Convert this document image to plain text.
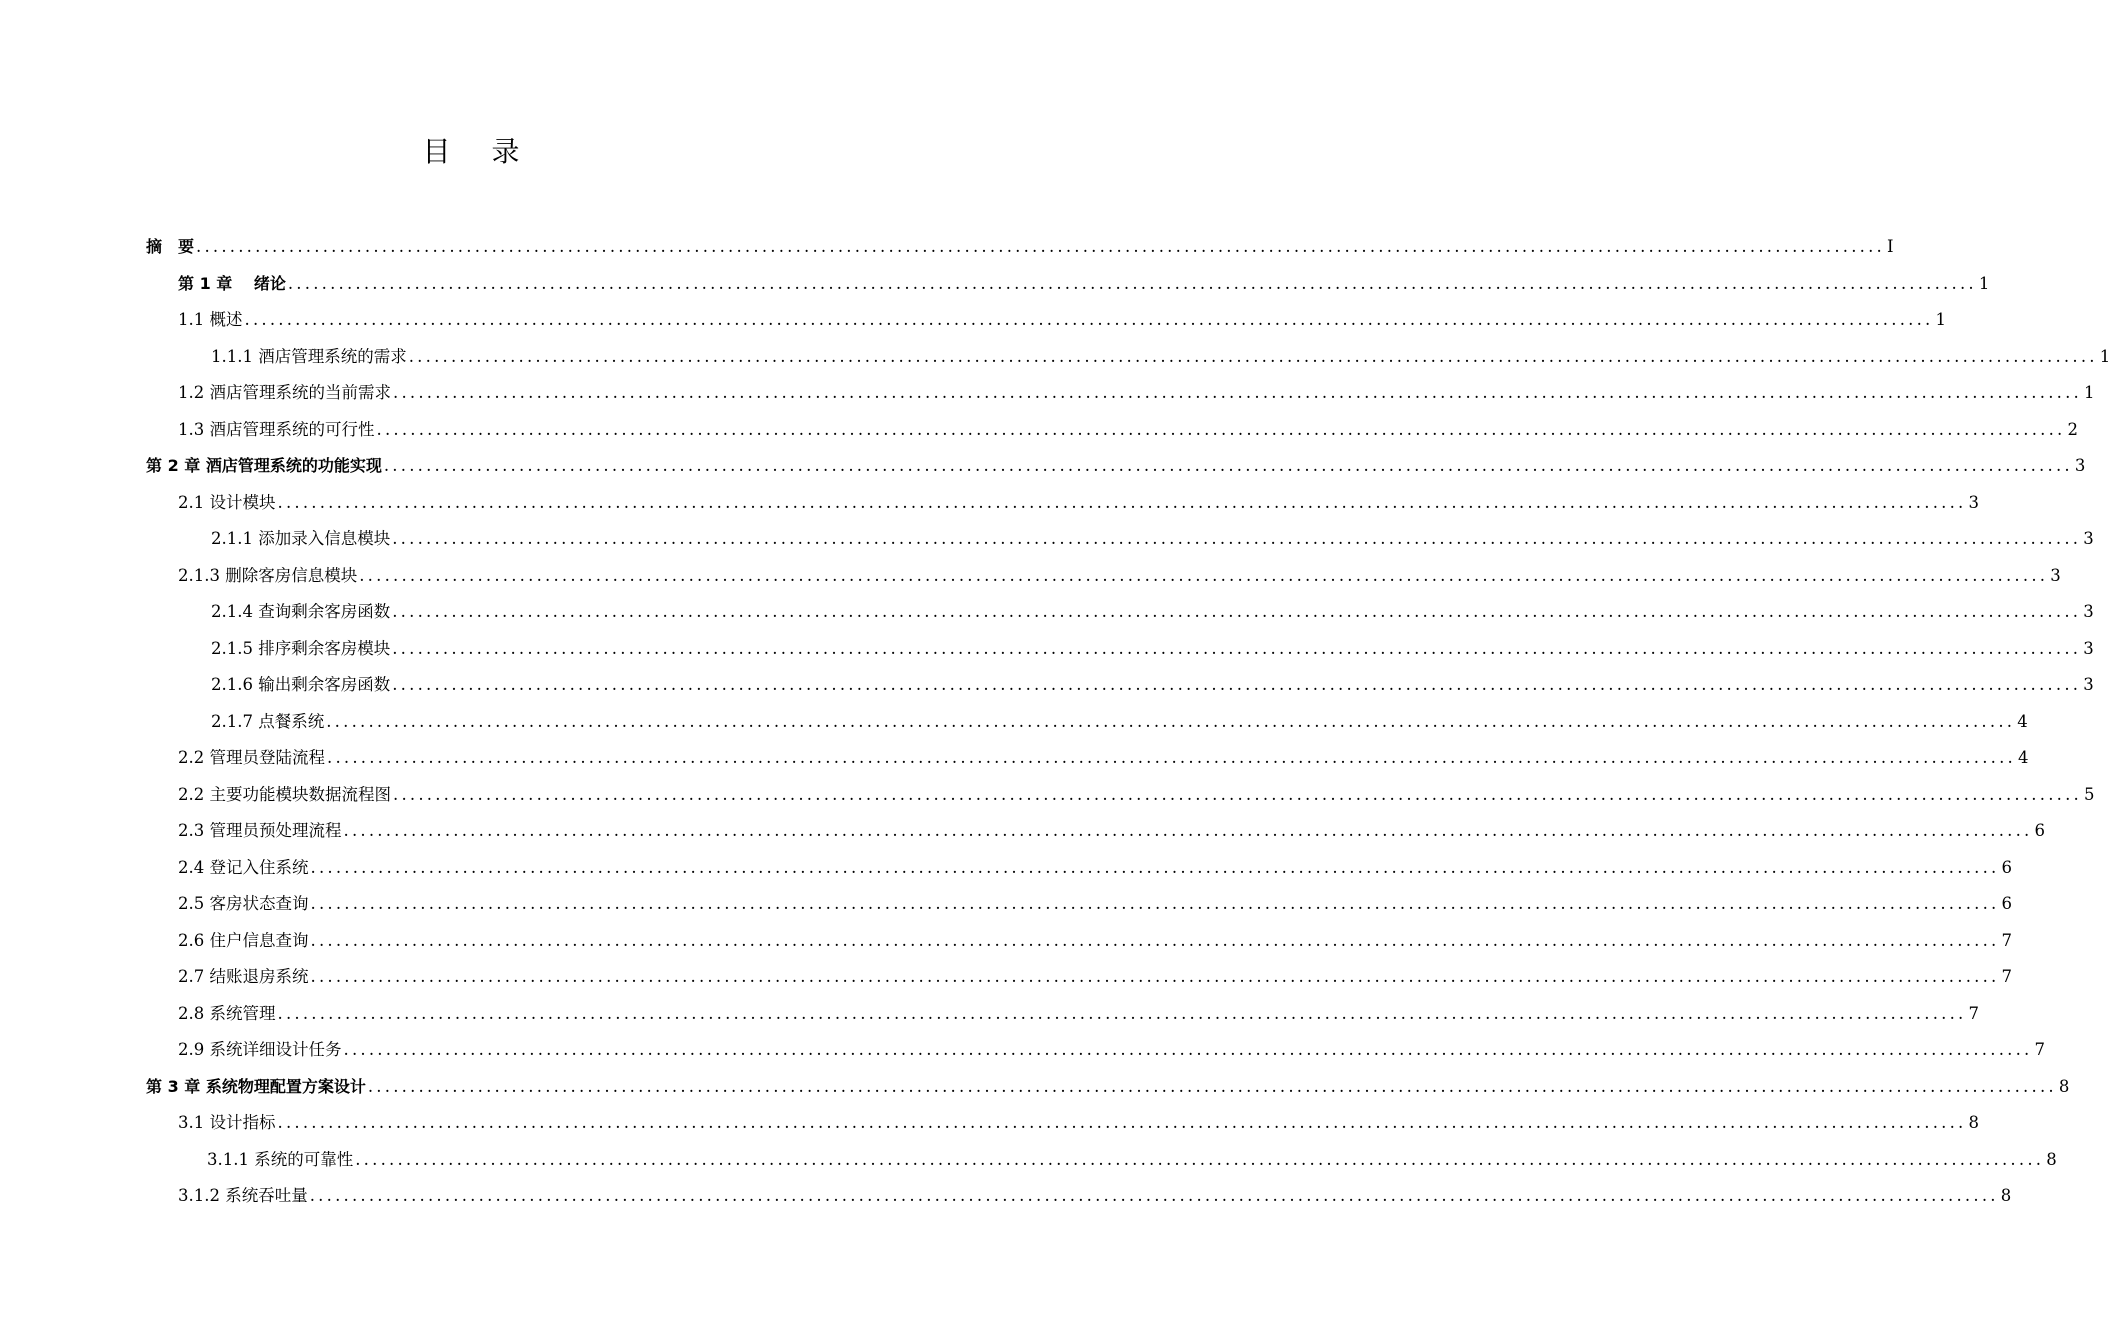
目 录
摘　要 ........................................................................................................................................................................................................ I
第 1 章　 绪论 ........................................................................................................................................................................................................ 1
1.1 概述 ........................................................................................................................................................................................................ 1
1.1.1 酒店管理系统的需求 ........................................................................................................................................................................................................ 1
1.2 酒店管理系统的当前需求 ........................................................................................................................................................................................................ 1
1.3 酒店管理系统的可行性 ........................................................................................................................................................................................................ 2
第 2 章 酒店管理系统的功能实现 ........................................................................................................................................................................................................ 3
2.1 设计模块 ........................................................................................................................................................................................................ 3
2.1.1 添加录入信息模块 ........................................................................................................................................................................................................ 3
2.1.3 删除客房信息模块 ........................................................................................................................................................................................................ 3
2.1.4 查询剩余客房函数 ........................................................................................................................................................................................................ 3
2.1.5 排序剩余客房模块 ........................................................................................................................................................................................................ 3
2.1.6 输出剩余客房函数 ........................................................................................................................................................................................................ 3
2.1.7 点餐系统 ........................................................................................................................................................................................................ 4
2.2 管理员登陆流程 ........................................................................................................................................................................................................ 4
2.2 主要功能模块数据流程图 ........................................................................................................................................................................................................ 5
2.3 管理员预处理流程 ........................................................................................................................................................................................................ 6
2.4 登记入住系统 ........................................................................................................................................................................................................ 6
2.5 客房状态查询 ........................................................................................................................................................................................................ 6
2.6 住户信息查询 ........................................................................................................................................................................................................ 7
2.7 结账退房系统 ........................................................................................................................................................................................................ 7
2.8 系统管理 ........................................................................................................................................................................................................ 7
2.9 系统详细设计任务 ........................................................................................................................................................................................................ 7
第 3 章 系统物理配置方案设计 ........................................................................................................................................................................................................ 8
3.1 设计指标 ........................................................................................................................................................................................................ 8
3.1.1 系统的可靠性 ........................................................................................................................................................................................................ 8
3.1.2 系统吞吐量 ........................................................................................................................................................................................................ 8
